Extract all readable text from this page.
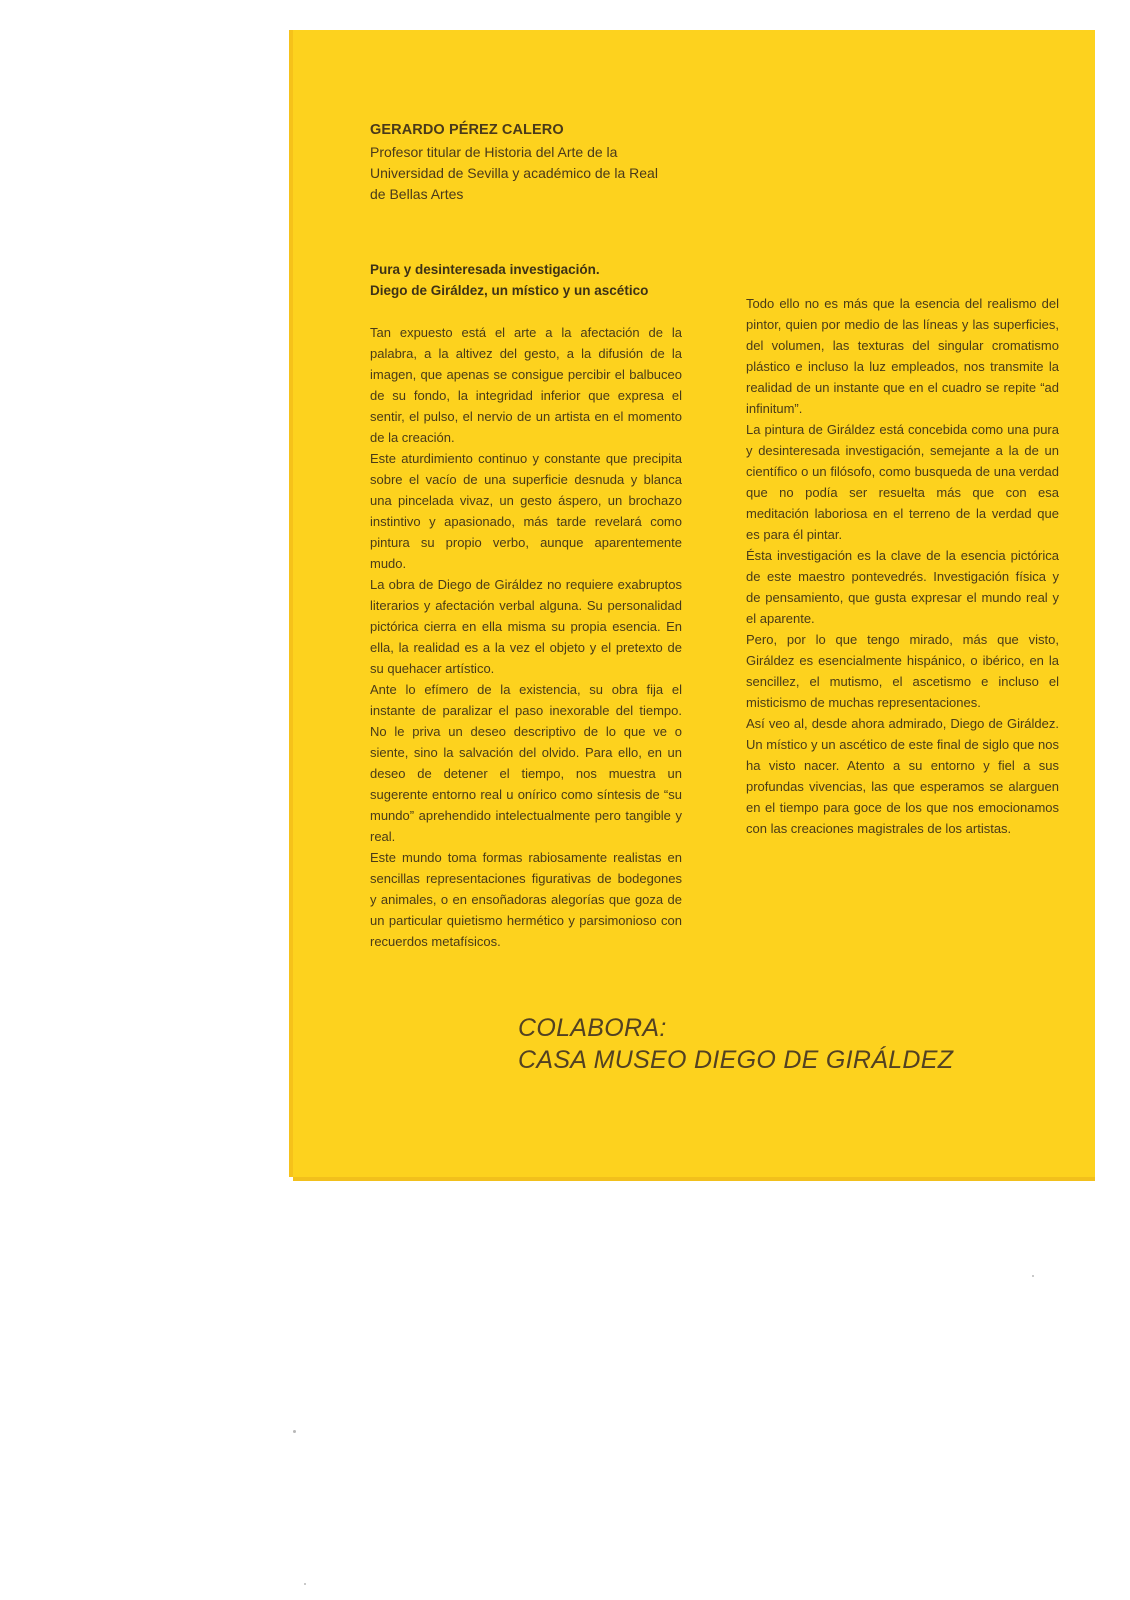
GERARDO PÉREZ CALERO
Profesor titular de Historia del Arte de la
Universidad de Sevilla y académico de la Real
de Bellas Artes
Pura y desinteresada investigación.
Diego de Giráldez, un místico y un ascético

Tan expuesto está el arte a la afectación de la palabra, a la altivez del gesto, a la difusión de la imagen, que apenas se consigue percibir el balbuceo de su fondo, la integridad inferior que expresa el sentir, el pulso, el nervio de un artista en el momento de la creación.

Este aturdimiento continuo y constante que precipita sobre el vacío de una superficie desnuda y blanca una pincelada vivaz, un gesto áspero, un brochazo instintivo y apasionado, más tarde revelará como pintura su propio verbo, aunque aparentemente mudo.

La obra de Diego de Giráldez no requiere exabruptos literarios y afectación verbal alguna. Su personalidad pictórica cierra en ella misma su propia esencia. En ella, la realidad es a la vez el objeto y el pretexto de su quehacer artístico.

Ante lo efímero de la existencia, su obra fija el instante de paralizar el paso inexorable del tiempo. No le priva un deseo descriptivo de lo que ve o siente, sino la salvación del olvido. Para ello, en un deseo de detener el tiempo, nos muestra un sugerente entorno real u onírico como síntesis de “su mundo” aprehendido intelectualmente pero tangible y real.

Este mundo toma formas rabiosamente realistas en sencillas representaciones figurativas de bodegones y animales, o en ensoñadoras alegorías que goza de un particular quietismo hermético y parsimonioso con recuerdos metafísicos.

Todo ello no es más que la esencia del realismo del pintor, quien por medio de las líneas y las superficies, del volumen, las texturas del singular cromatismo plástico e incluso la luz empleados, nos transmite la realidad de un instante que en el cuadro se repite “ad infinitum”.

La pintura de Giráldez está concebida como una pura y desinteresada investigación, semejante a la de un científico o un filósofo, como busqueda de una verdad que no podía ser resuelta más que con esa meditación laboriosa en el terreno de la verdad que es para él pintar.

Ésta investigación es la clave de la esencia pictórica de este maestro pontevedrés. Investigación física y de pensamiento, que gusta expresar el mundo real y el aparente.

Pero, por lo que tengo mirado, más que visto, Giráldez es esencialmente hispánico, o ibérico, en la sencillez, el mutismo, el ascetismo e incluso el misticismo de muchas representaciones.

Así veo al, desde ahora admirado, Diego de Giráldez. Un místico y un ascético de este final de siglo que nos ha visto nacer. Atento a su entorno y fiel a sus profundas vivencias, las que esperamos se alarguen en el tiempo para goce de los que nos emocionamos con las creaciones magistrales de los artistas.

COLABORA:
CASA MUSEO DIEGO DE GIRÁLDEZ
